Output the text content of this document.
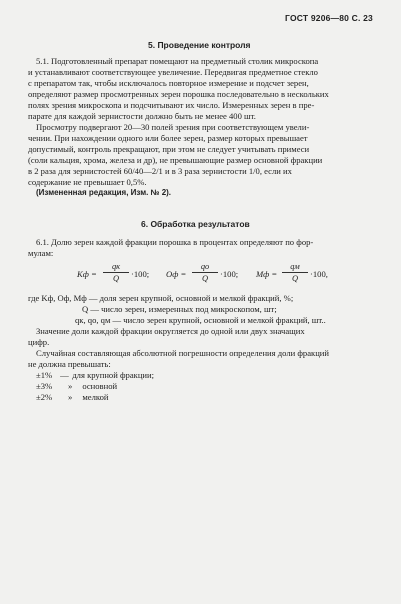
ГОСТ 9206—80 С. 23
5. Проведение контроля
5.1. Подготовленный препарат помещают на предметный столик микроскопа
и устанавливают соответствующее увеличение. Передвигая предметное стекло
с препаратом так, чтобы исключалось повторное измерение и подсчет зерен,
определяют размер просмотренных зерен порошка последовательно в нескольких
полях зрения микроскопа и подсчитывают их число. Измеренных зерен в пре-
парате для каждой зернистости должно быть не менее 400 шт.
Просмотру подвергают 20—30 полей зрения при соответствующем увели-
чении. При нахождении одного или более зерен, размер которых превышает
допустимый, контроль прекращают, при этом не следует учитывать примеси
(соли кальция, хрома, железа и др), не превышающие размер основной фракции
в 2 раза для зернистостей 60/40—2/1 и в 3 раза зернистости 1/0, если их
содержание не превышает 0,5%.
(Измененная редакция, Изм. № 2).
6. Обработка результатов
6.1. Долю зерен каждой фракции порошка в процентах определяют по фор-
мулам:
Kф =
qк
Q	·100; Oф =
qо
Q	·100; Mф =
qм
Q	·100,
где Kф, Oф, Mф — доля зерен крупной, основной и мелкой фракций, %;
Q — число зерен, измеренных под микроскопом, шт;
qк, qо, qм — число зерен крупной, основной и мелкой фракций, шт..
Значение доли каждой фракции округляется до одной или двух значащих
цифр.
Случайная составляющая абсолютной погрешности определения доли фракций
не должна превышать:
±1% — для крупной фракции;
±3% » основной
±2% » мелкой
